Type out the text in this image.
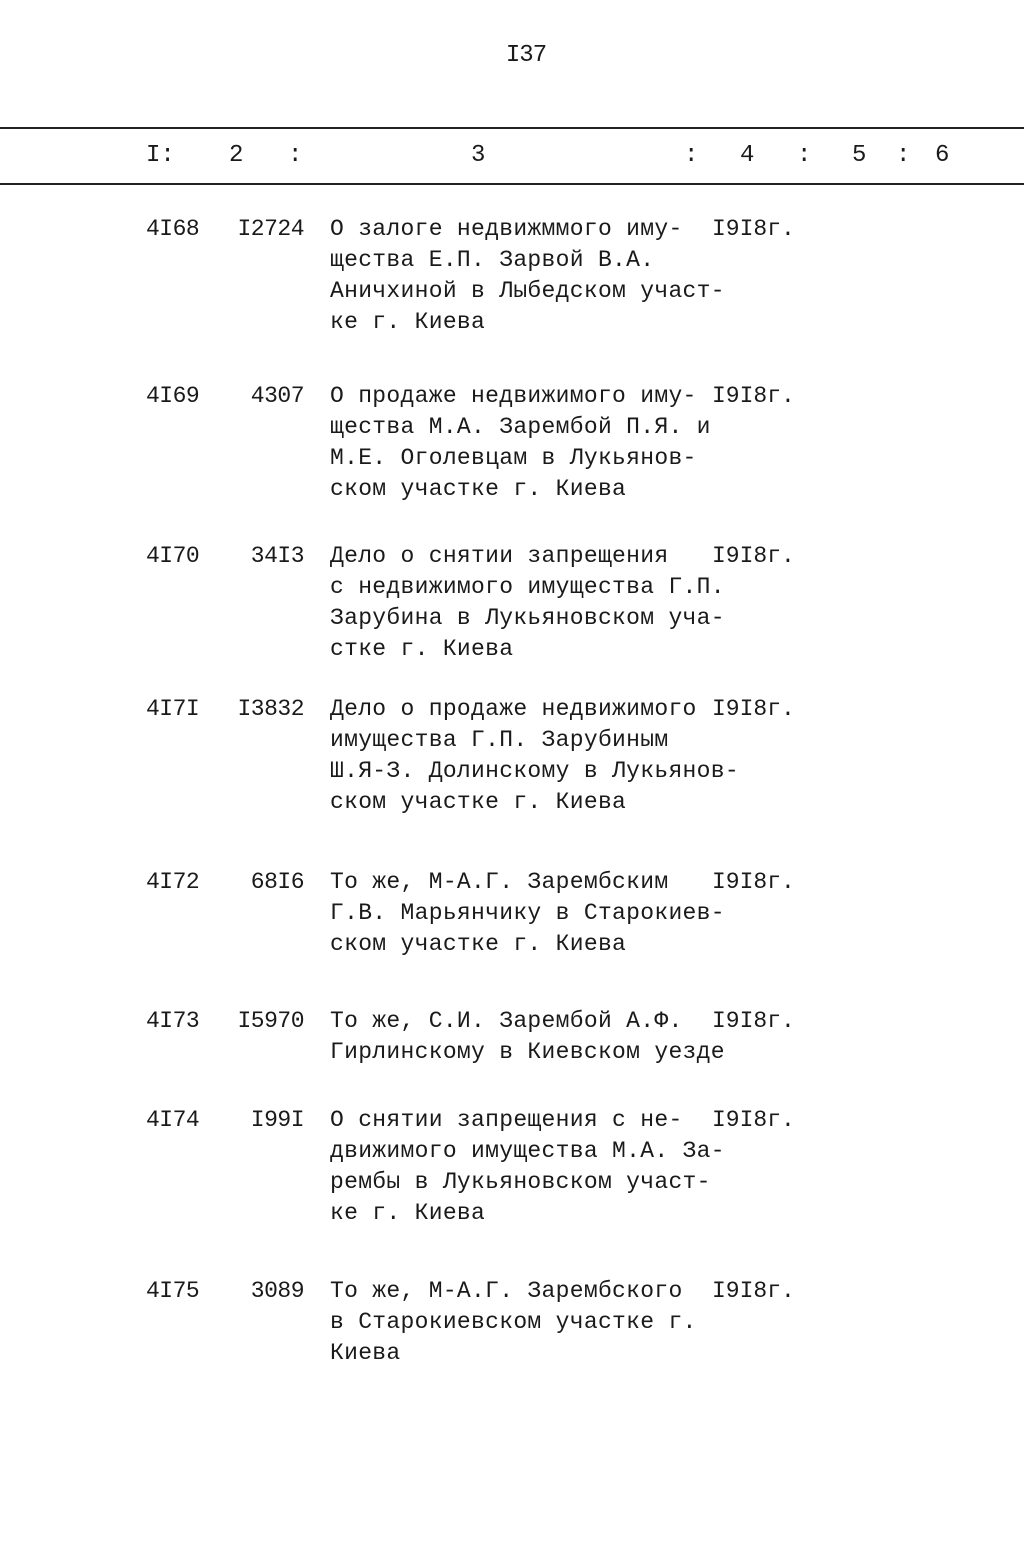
I37
I: 2 :	3	: 4 : 5 : 6
4I68 I2724 О залоге недвижммого иму-
щества Е.П. Зарвой В.А.
Аничхиной в Лыбедском участ-
ке г. Киева
I9I8г.
4I69 4307 О продаже недвижимого иму-
щества М.А. Зарембой П.Я. и
М.Е. Оголевцам в Лукьянов-
ском участке г. Киева
I9I8г.
4I70 34I3 Дело о снятии запрещения
с недвижимого имущества Г.П.
Зарубина в Лукьяновском уча-
стке г. Киева
I9I8г.
4I7I I3832 Дело о продаже недвижимого
имущества Г.П. Зарубиным
Ш.Я-З. Долинскому в Лукьянов-
ском участке г. Киева
I9I8г.
4I72 68I6 То же, М-А.Г. Зарембским
Г.В. Марьянчику в Старокиев-
ском участке г. Киева
I9I8г.
4I73 I5970 То же, С.И. Зарембой А.Ф.
Гирлинскому в Киевском уезде
I9I8г.
4I74 I99I О снятии запрещения с не-
движимого имущества М.А. За-
рембы в Лукьяновском участ-
ке г. Киева
I9I8г.
4I75 3089 То же, М-А.Г. Зарембского
в Старокиевском участке г.
Киева
I9I8г.
